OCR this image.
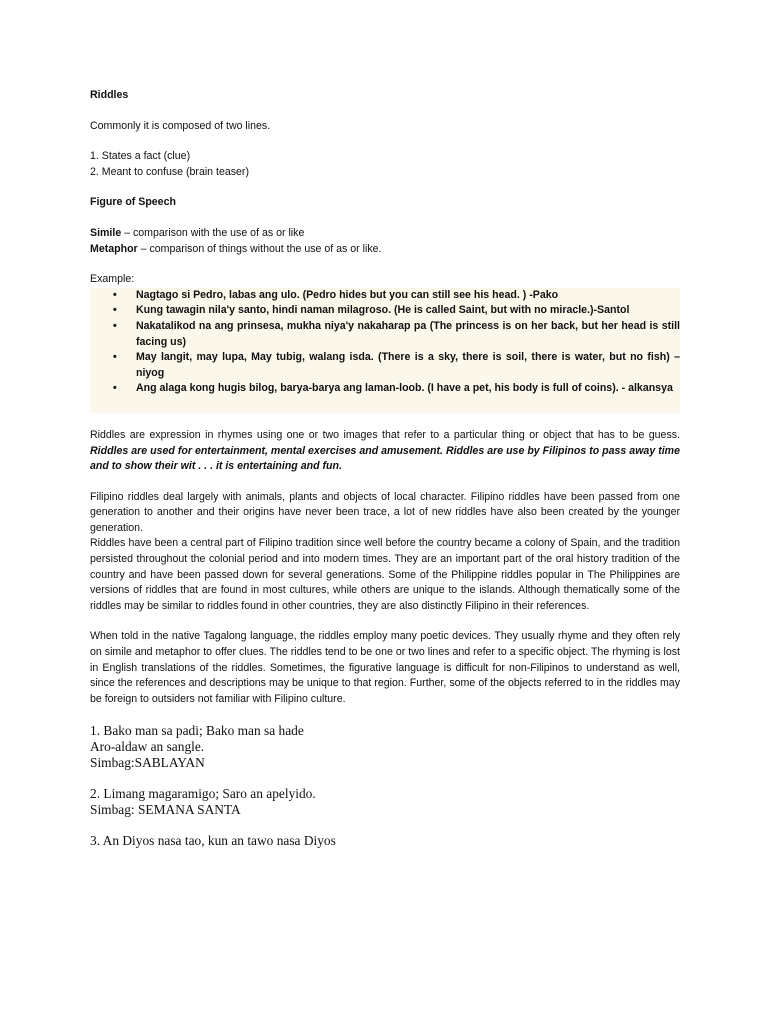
Riddles

Commonly it is composed of two lines.

1. States a fact (clue)

2. Meant to confuse (brain teaser)

Figure of Speech

Simile – comparison with the use of as or like

Metaphor – comparison of things without the use of as or like.

Example:

• Nagtago si Pedro, labas ang ulo. (Pedro hides but you can still see his head. ) -Pako
• Kung tawagin nila'y santo, hindi naman milagroso. (He is called Saint, but with no miracle.)-Santol
• Nakatalikod na ang prinsesa, mukha niya'y nakaharap pa (The princess is on her back, but her head is still facing us)
• May langit, may lupa, May tubig, walang isda. (There is a sky, there is soil, there is water, but no fish) – niyog
• Ang alaga kong hugis bilog, barya-barya ang laman-loob. (I have a pet, his body is full of coins). - alkansya

Riddles are expression in rhymes using one or two images that refer to a particular thing or object that has to be guess. Riddles are used for entertainment, mental exercises and amusement. Riddles are use by Filipinos to pass away time and to show their wit . . . it is entertaining and fun.

Filipino riddles deal largely with animals, plants and objects of local character. Filipino riddles have been passed from one generation to another and their origins have never been trace, a lot of new riddles have also been created by the younger generation.

Riddles have been a central part of Filipino tradition since well before the country became a colony of Spain, and the tradition persisted throughout the colonial period and into modern times. They are an important part of the oral history tradition of the country and have been passed down for several generations. Some of the Philippine riddles popular in The Philippines are versions of riddles that are found in most cultures, while others are unique to the islands. Although thematically some of the riddles may be similar to riddles found in other countries, they are also distinctly Filipino in their references.

When told in the native Tagalong language, the riddles employ many poetic devices. They usually rhyme and they often rely on simile and metaphor to offer clues. The riddles tend to be one or two lines and refer to a specific object. The rhyming is lost in English translations of the riddles. Sometimes, the figurative language is difficult for non-Filipinos to understand as well, since the references and descriptions may be unique to that region. Further, some of the objects referred to in the riddles may be foreign to outsiders not familiar with Filipino culture.

1. Bako man sa padi; Bako man sa hade

Aro-aldaw an sangle.

Simbag:SABLAYAN

2. Limang magaramigo; Saro an apelyido.

Simbag: SEMANA SANTA

3. An Diyos nasa tao, kun an tawo nasa Diyos
